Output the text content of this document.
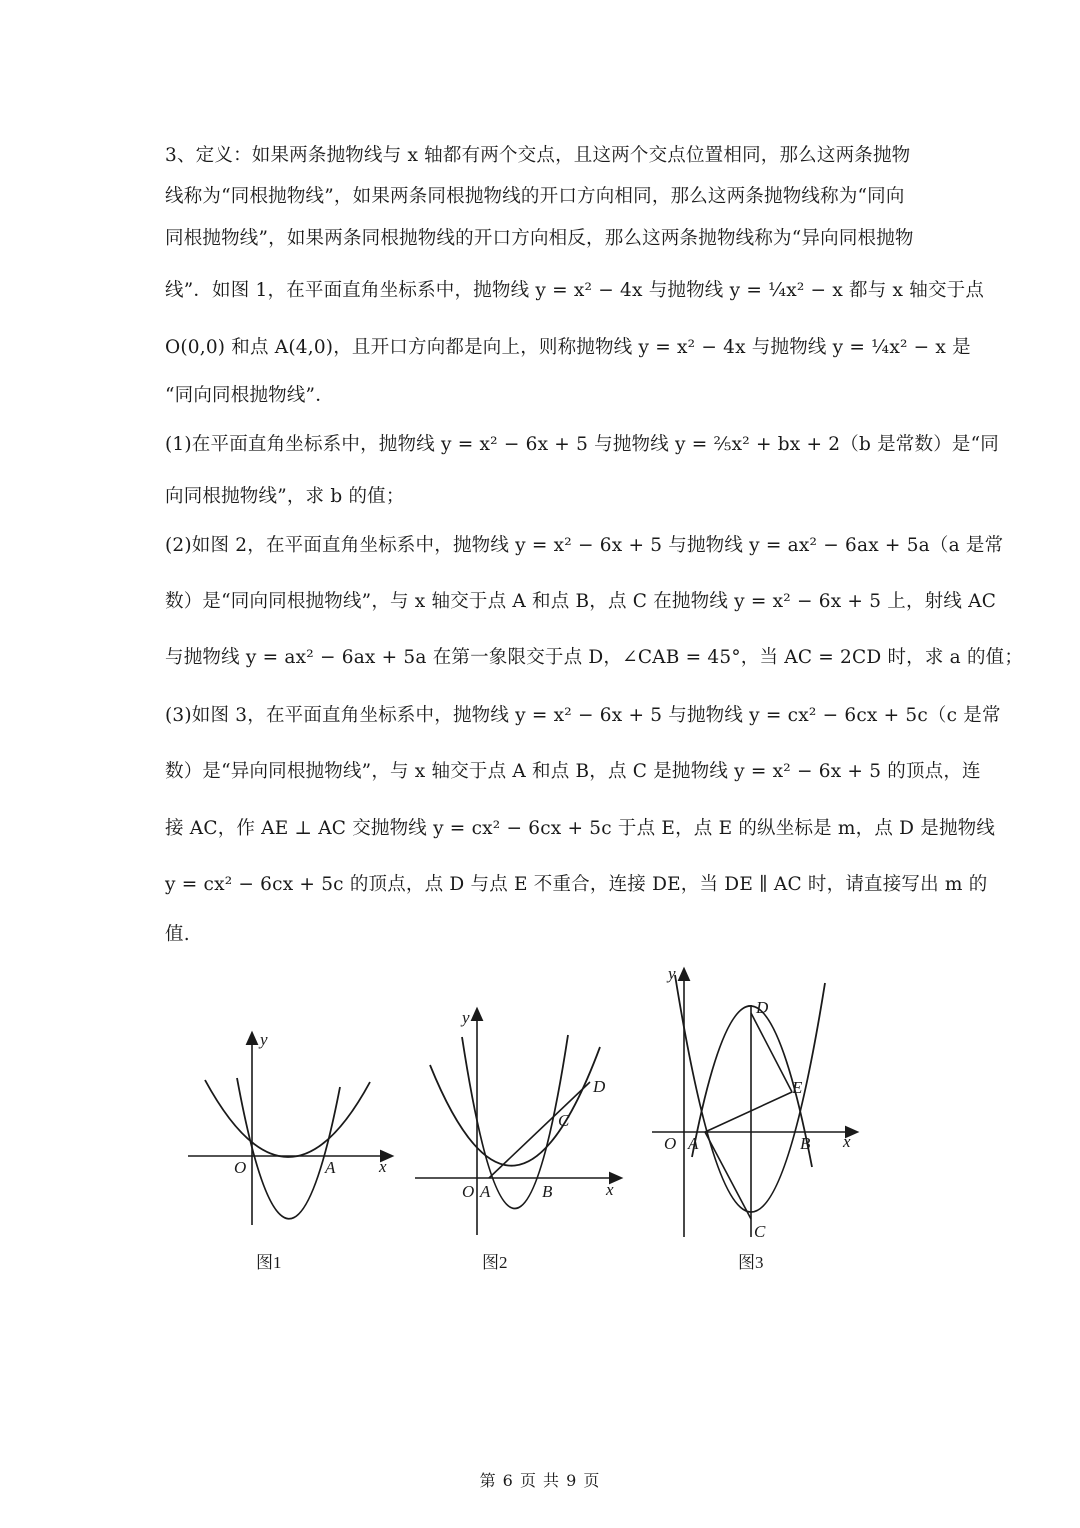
3、定义：如果两条抛物线与 x 轴都有两个交点，且这两个交点位置相同，那么这两条抛物
线称为“同根抛物线”，如果两条同根抛物线的开口方向相同，那么这两条抛物线称为“同向
同根抛物线”，如果两条同根抛物线的开口方向相反，那么这两条抛物线称为“异向同根抛物
线”．如图 1，在平面直角坐标系中，抛物线 y = x² − 4x 与抛物线 y = ¼x² − x 都与 x 轴交于点
O(0,0) 和点 A(4,0)，且开口方向都是向上，则称抛物线 y = x² − 4x 与抛物线 y = ¼x² − x 是
“同向同根抛物线”．
(1)在平面直角坐标系中，抛物线 y = x² − 6x + 5 与抛物线 y = ⅖x² + bx + 2（b 是常数）是“同
向同根抛物线”，求 b 的值；
(2)如图 2，在平面直角坐标系中，抛物线 y = x² − 6x + 5 与抛物线 y = ax² − 6ax + 5a（a 是常
数）是“同向同根抛物线”，与 x 轴交于点 A 和点 B，点 C 在抛物线 y = x² − 6x + 5 上，射线 AC
与抛物线 y = ax² − 6ax + 5a 在第一象限交于点 D，∠CAB = 45°，当 AC = 2CD 时，求 a 的值；
(3)如图 3，在平面直角坐标系中，抛物线 y = x² − 6x + 5 与抛物线 y = cx² − 6cx + 5c（c 是常
数）是“异向同根抛物线”，与 x 轴交于点 A 和点 B，点 C 是抛物线 y = x² − 6x + 5 的顶点，连
接 AC，作 AE ⊥ AC 交抛物线 y = cx² − 6cx + 5c 于点 E，点 E 的纵坐标是 m，点 D 是抛物线
y = cx² − 6cx + 5c 的顶点，点 D 与点 E 不重合，连接 DE，当 DE ∥ AC 时，请直接写出 m 的
值.
y
x
O	A
图1
y
x
O A	B
C
D
图2
y
x
O A	B
C
D
E
图3
第 6 页 共 9 页
